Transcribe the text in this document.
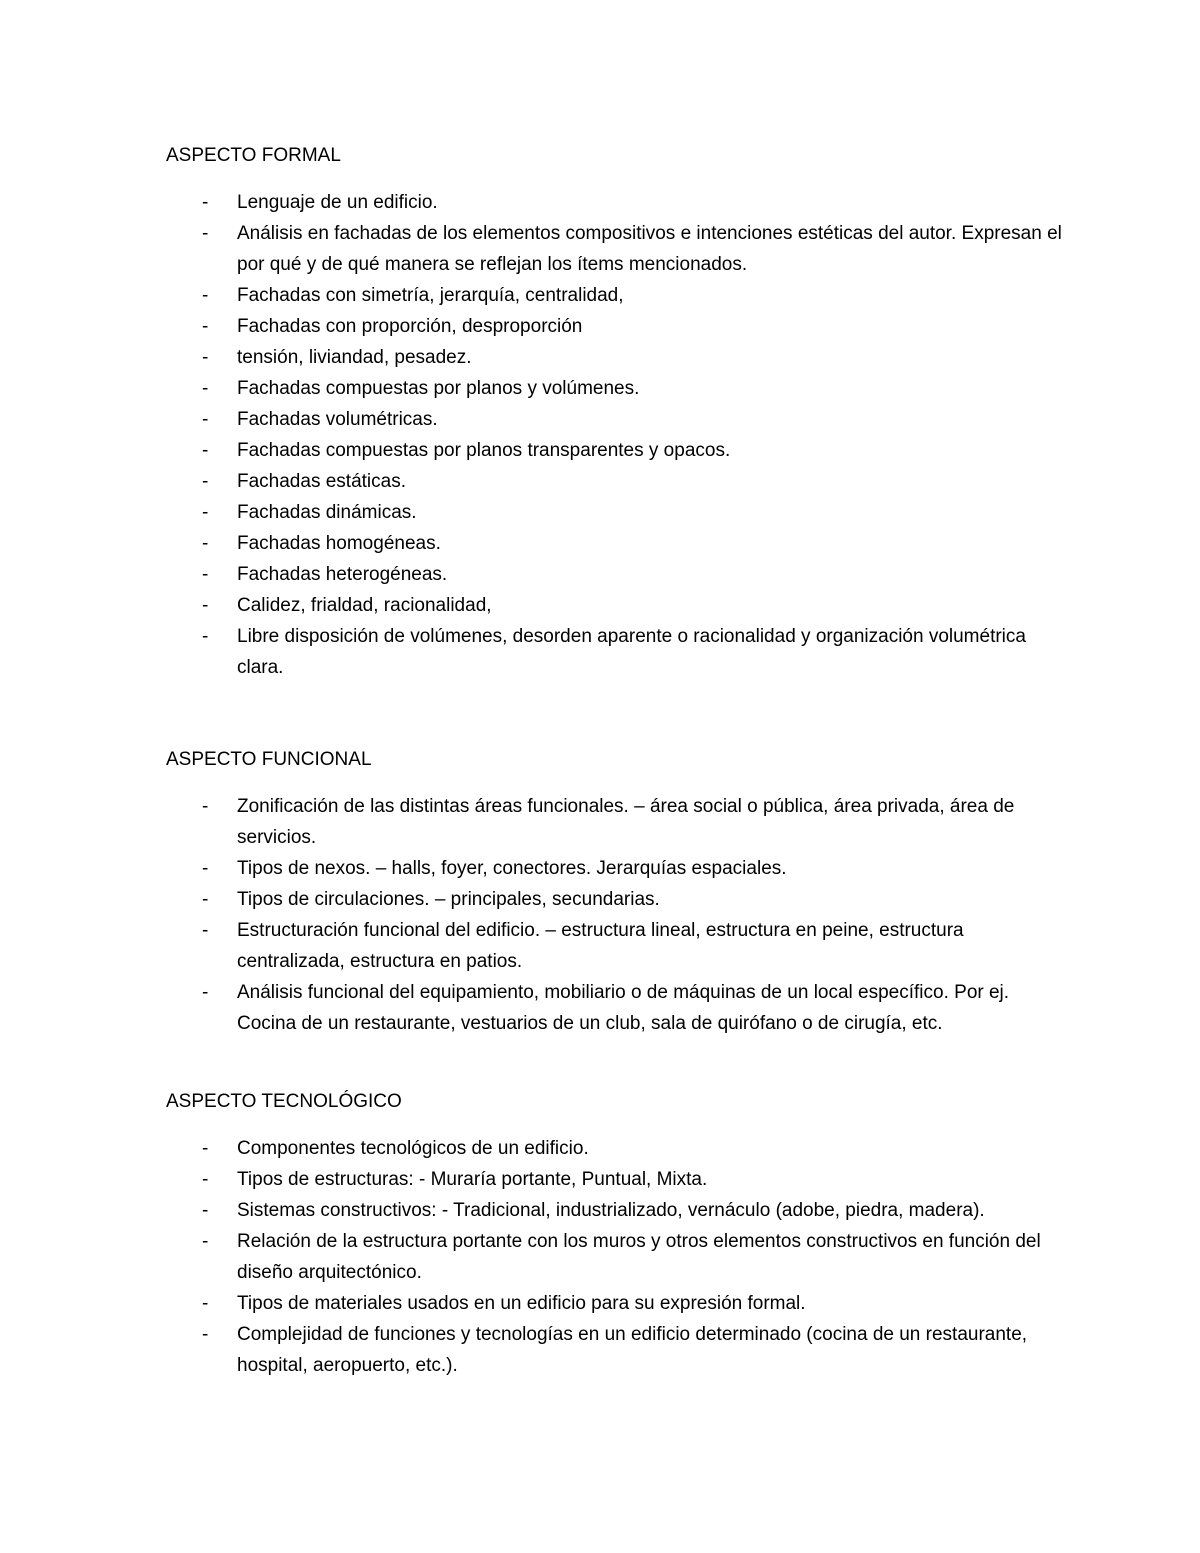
ASPECTO FORMAL
- Lenguaje de un edificio.
- Análisis en fachadas de los elementos compositivos e intenciones estéticas del autor. Expresan el por qué y de qué manera se reflejan los ítems mencionados.
- Fachadas con simetría, jerarquía, centralidad,
- Fachadas con proporción, desproporción
- tensión, liviandad, pesadez.
- Fachadas compuestas por planos y volúmenes.
- Fachadas volumétricas.
- Fachadas compuestas por planos transparentes y opacos.
- Fachadas estáticas.
- Fachadas dinámicas.
- Fachadas homogéneas.
- Fachadas heterogéneas.
- Calidez, frialdad, racionalidad,
- Libre disposición de volúmenes, desorden aparente o racionalidad y organización volumétrica clara.
ASPECTO FUNCIONAL
- Zonificación de las distintas áreas funcionales. – área social o pública, área privada, área de servicios.
- Tipos de nexos. – halls, foyer, conectores. Jerarquías espaciales.
- Tipos de circulaciones. – principales, secundarias.
- Estructuración funcional del edificio. – estructura lineal, estructura en peine, estructura centralizada, estructura en patios.
- Análisis funcional del equipamiento, mobiliario o de máquinas de un local específico. Por ej. Cocina de un restaurante, vestuarios de un club, sala de quirófano o de cirugía, etc.
ASPECTO TECNOLÓGICO
- Componentes tecnológicos de un edificio.
- Tipos de estructuras: - Muraría portante, Puntual, Mixta.
- Sistemas constructivos: - Tradicional, industrializado, vernáculo (adobe, piedra, madera).
- Relación de la estructura portante con los muros y otros elementos constructivos en función del diseño arquitectónico.
- Tipos de materiales usados en un edificio para su expresión formal.
- Complejidad de funciones y tecnologías en un edificio determinado (cocina de un restaurante, hospital, aeropuerto, etc.).
